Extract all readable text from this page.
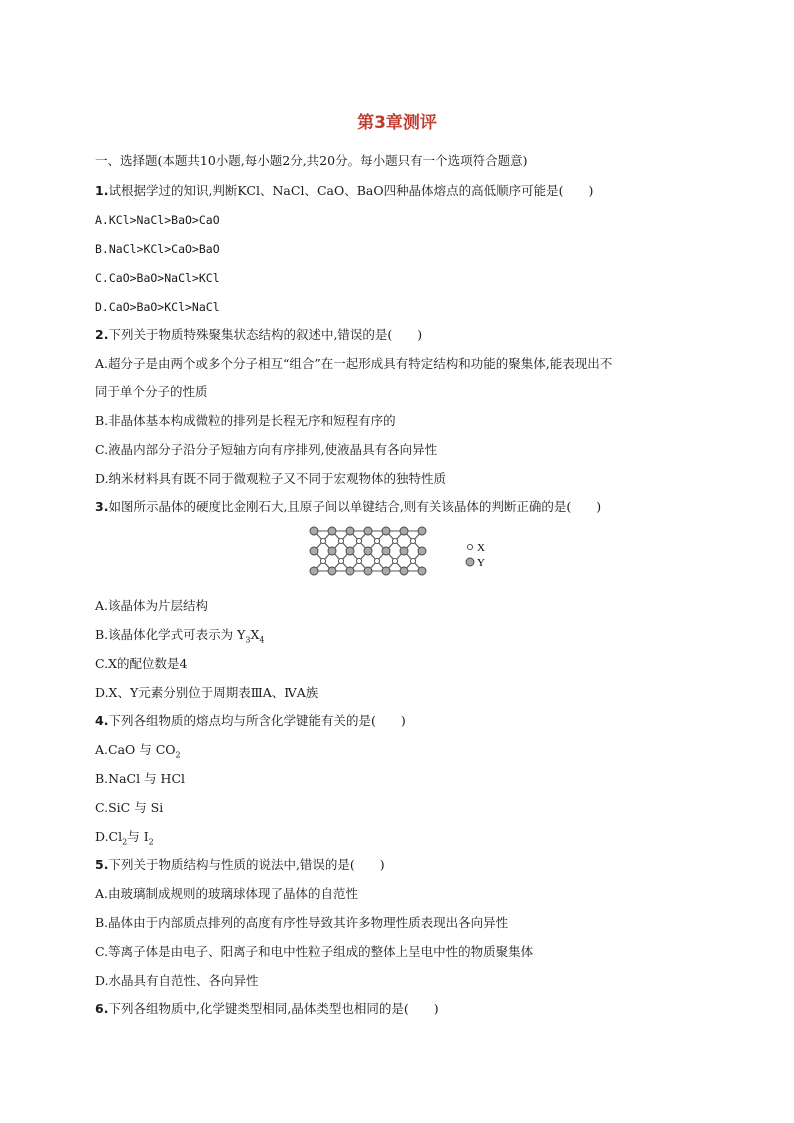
第3章测评
一、选择题(本题共10小题,每小题2分,共20分。每小题只有一个选项符合题意)
1.试根据学过的知识,判断KCl、NaCl、CaO、BaO四种晶体熔点的高低顺序可能是(　　)
A.KCl>NaCl>BaO>CaO
B.NaCl>KCl>CaO>BaO
C.CaO>BaO>NaCl>KCl
D.CaO>BaO>KCl>NaCl
2.下列关于物质特殊聚集状态结构的叙述中,错误的是(　　)
A.超分子是由两个或多个分子相互“组合”在一起形成具有特定结构和功能的聚集体,能表现出不
同于单个分子的性质
B.非晶体基本构成微粒的排列是长程无序和短程有序的
C.液晶内部分子沿分子短轴方向有序排列,使液晶具有各向异性
D.纳米材料具有既不同于微观粒子又不同于宏观物体的独特性质
3.如图所示晶体的硬度比金刚石大,且原子间以单键结合,则有关该晶体的判断正确的是(　　)
X
Y
A.该晶体为片层结构
B.该晶体化学式可表示为 $Y_3X_4$
C.X的配位数是4
D.X、Y元素分别位于周期表ⅢA、ⅣA族
4.下列各组物质的熔点均与所含化学键能有关的是(　　)
A.CaO 与 $CO_2$
B.NaCl 与 HCl
C.SiC 与 Si
$D.Cl_2$与 $I_2$
5.下列关于物质结构与性质的说法中,错误的是(　　)
A.由玻璃制成规则的玻璃球体现了晶体的自范性
B.晶体由于内部质点排列的高度有序性导致其许多物理性质表现出各向异性
C.等离子体是由电子、阳离子和电中性粒子组成的整体上呈电中性的物质聚集体
D.水晶具有自范性、各向异性
6.下列各组物质中,化学键类型相同,晶体类型也相同的是(　　)
